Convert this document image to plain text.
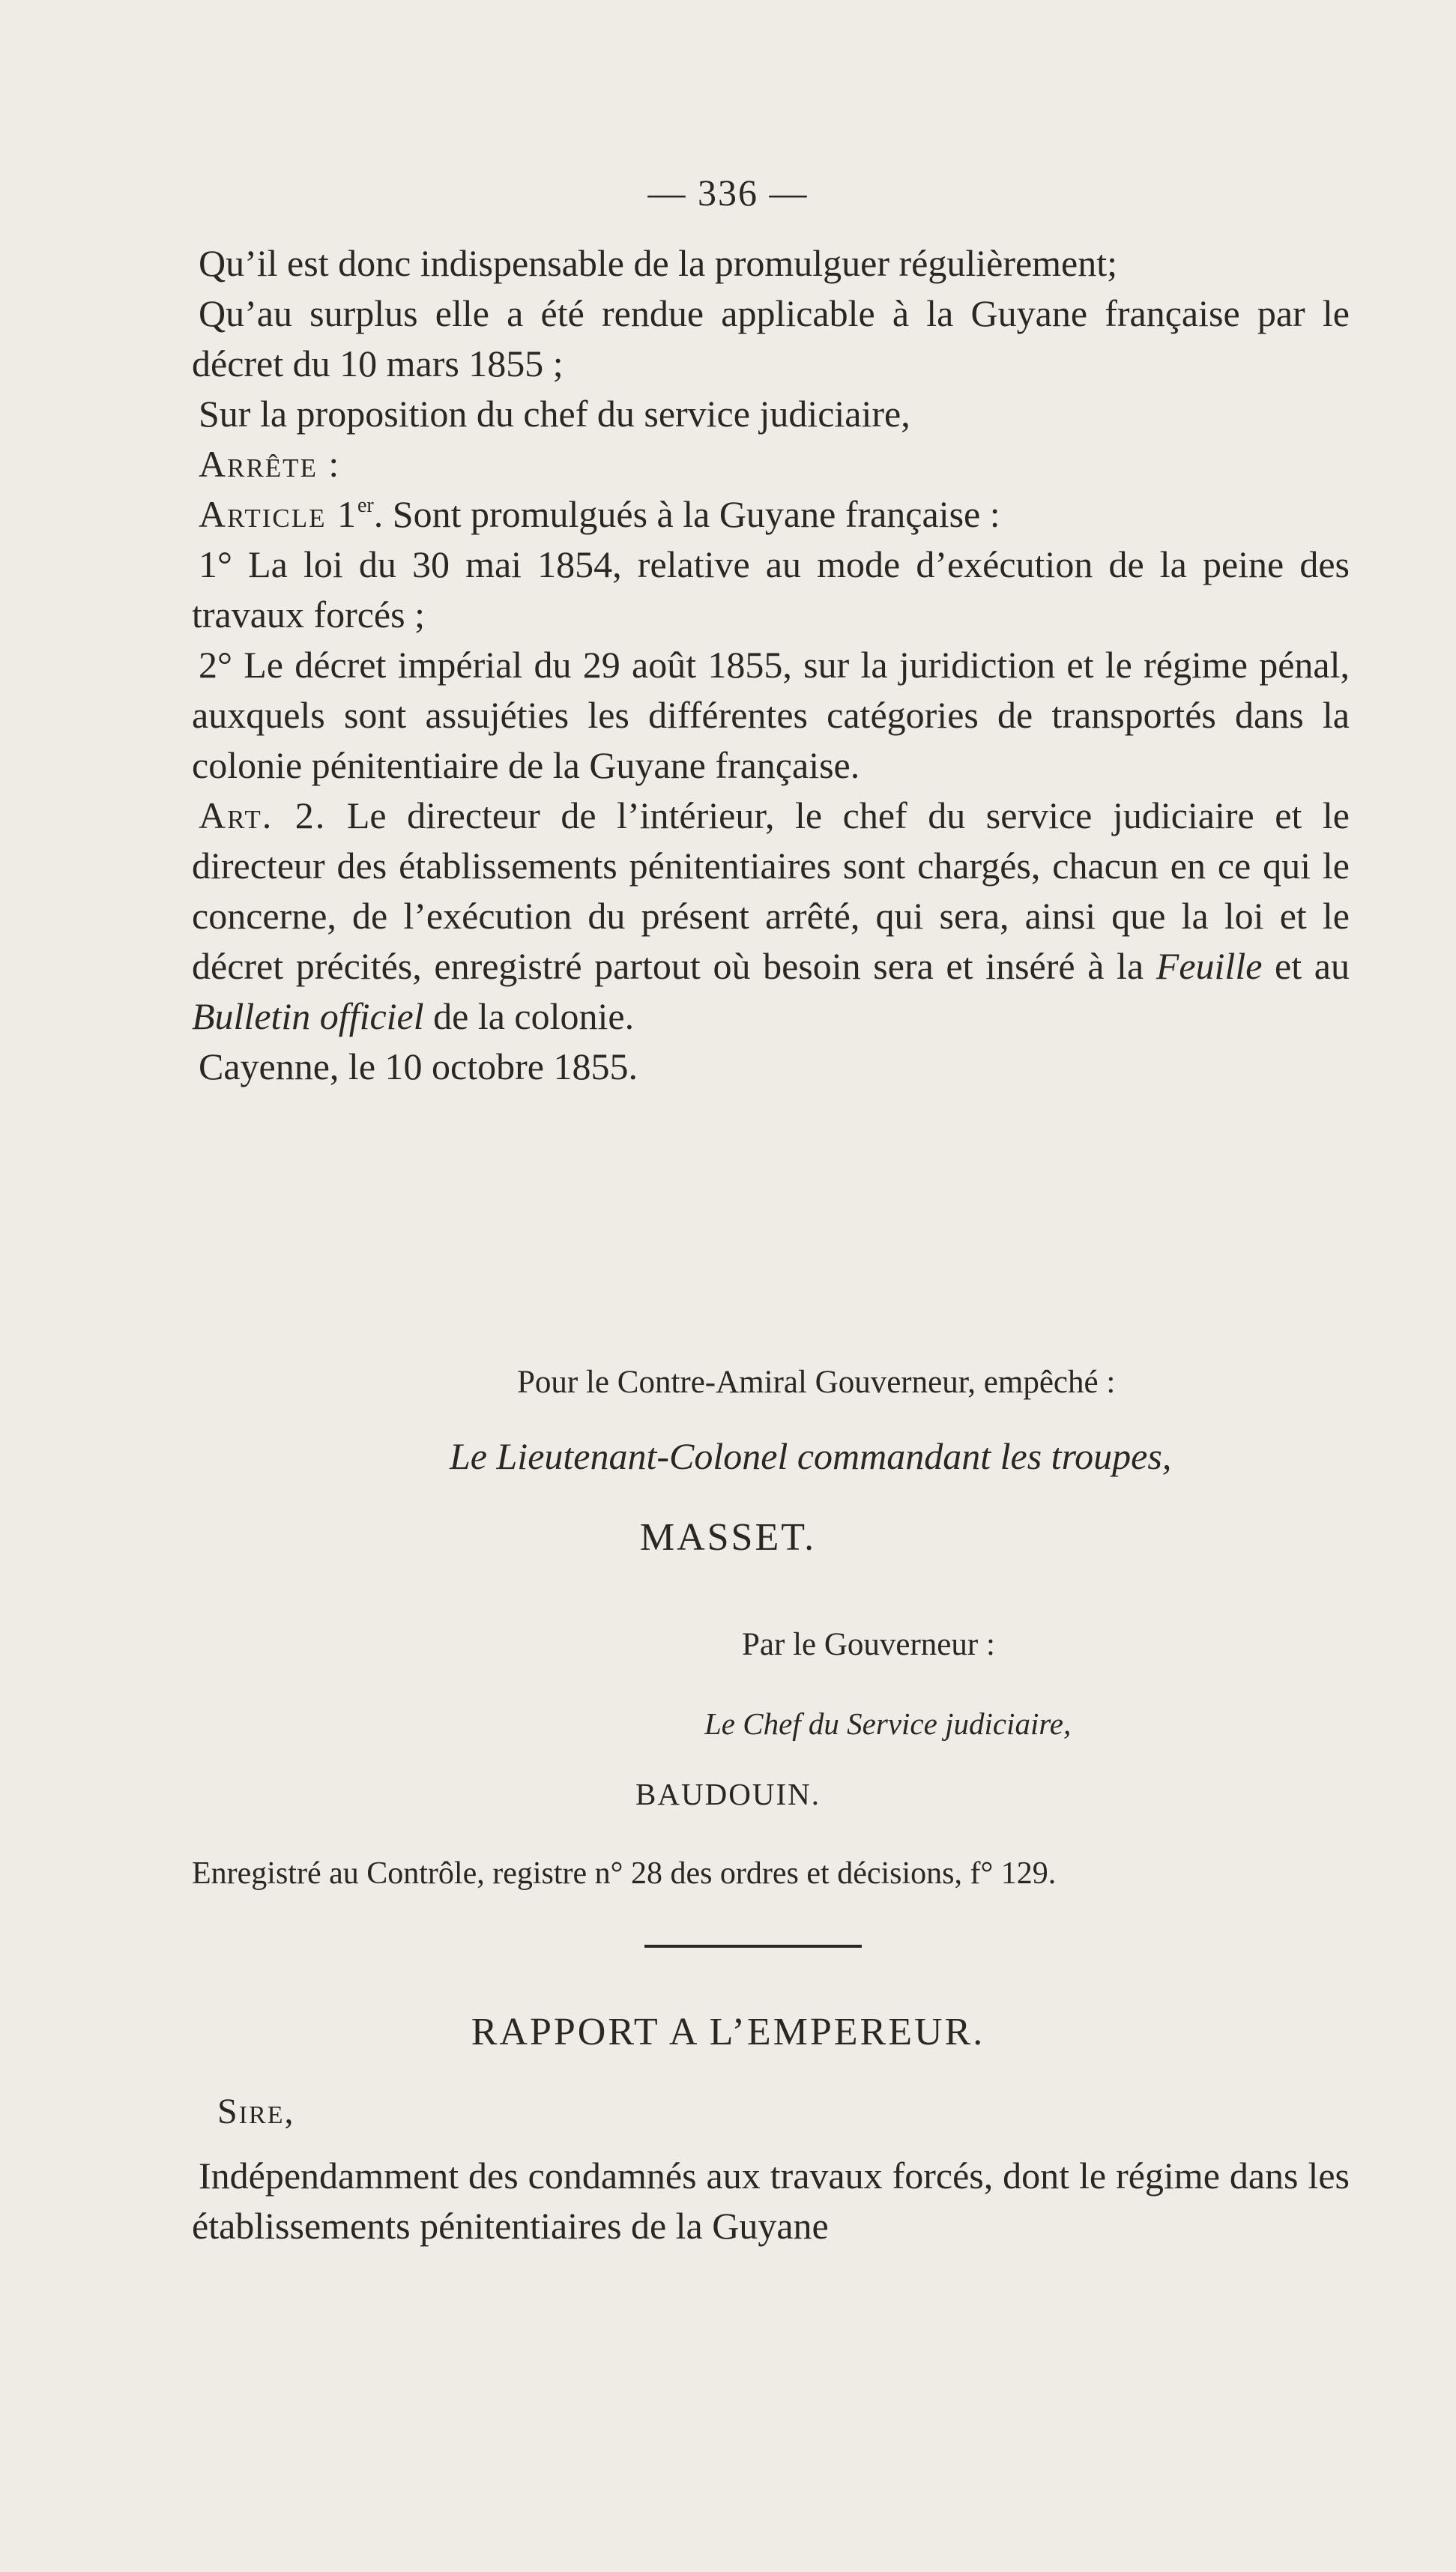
— 336 —

Qu’il est donc indispensable de la promulguer régulièrement;

Qu’au surplus elle a été rendue applicable à la Guyane française par le décret du 10 mars 1855 ;

Sur la proposition du chef du service judiciaire,

Arrête :

Article 1er. Sont promulgués à la Guyane française :

1° La loi du 30 mai 1854, relative au mode d’exécution de la peine des travaux forcés ;

2° Le décret impérial du 29 août 1855, sur la juridiction et le régime pénal, auxquels sont assujéties les différentes catégories de transportés dans la colonie pénitentiaire de la Guyane française.

Art. 2. Le directeur de l’intérieur, le chef du service judiciaire et le directeur des établissements pénitentiaires sont chargés, chacun en ce qui le concerne, de l’exécution du présent arrêté, qui sera, ainsi que la loi et le décret précités, enregistré partout où besoin sera et inséré à la Feuille et au Bulletin officiel de la colonie.

Cayenne, le 10 octobre 1855.

Pour le Contre-Amiral Gouverneur, empêché :
Le Lieutenant-Colonel commandant les troupes,
MASSET.
Par le Gouverneur :
Le Chef du Service judiciaire,
BAUDOUIN.
Enregistré au Contrôle, registre n° 28 des ordres et décisions, f° 129.
RAPPORT A L’EMPEREUR.
Sire,

Indépendamment des condamnés aux travaux forcés, dont le régime dans les établissements pénitentiaires de la Guyane
